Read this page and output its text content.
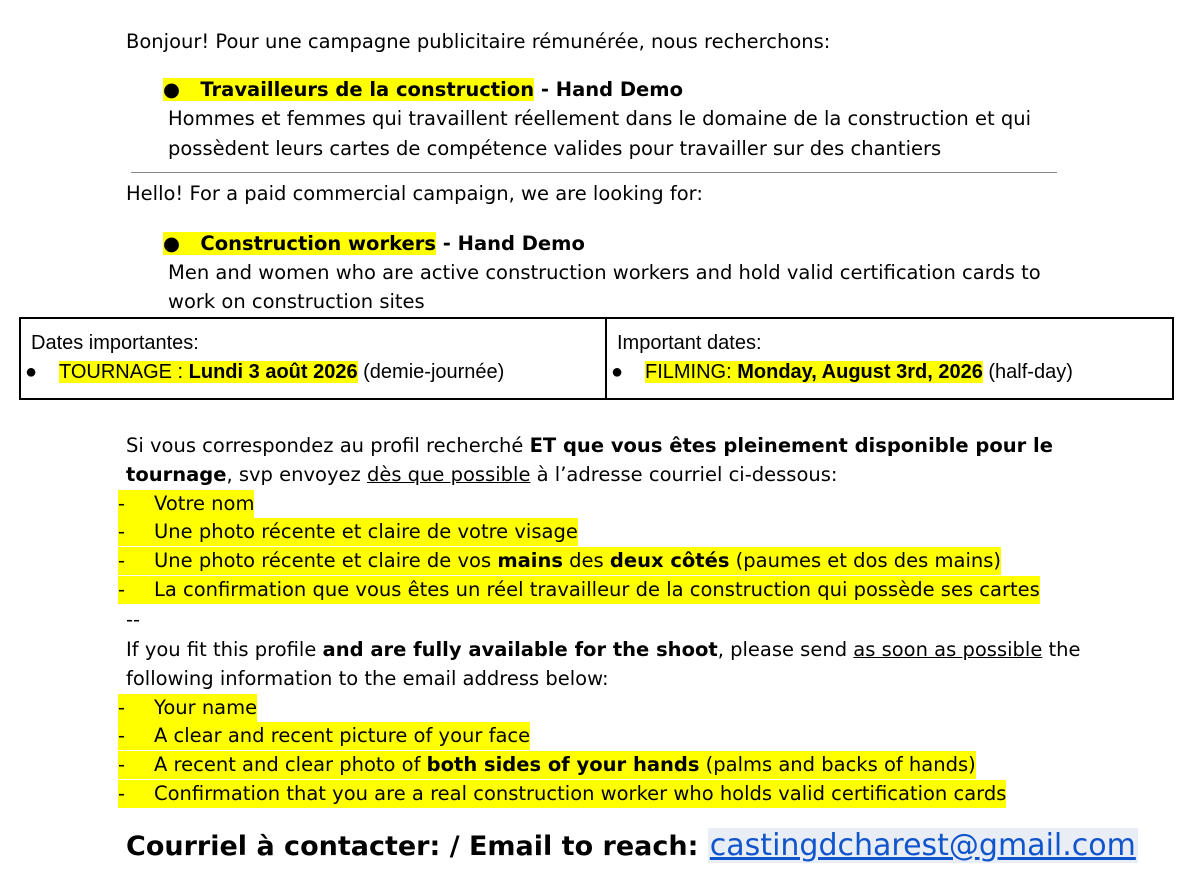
Bonjour! Pour une campagne publicitaire rémunérée, nous recherchons:
● Travailleurs de la construction - Hand Demo
Hommes et femmes qui travaillent réellement dans le domaine de la construction et qui
possèdent leurs cartes de compétence valides pour travailler sur des chantiers
Hello! For a paid commercial campaign, we are looking for:
● Construction workers - Hand Demo
Men and women who are active construction workers and hold valid certification cards to
work on construction sites
Dates importantes:
● TOURNAGE : Lundi 3 août 2026 (demie-journée)

Important dates:
● FILMING: Monday, August 3rd, 2026 (half-day)
Si vous correspondez au profil recherché ET que vous êtes pleinement disponible pour le
tournage, svp envoyez dès que possible à l’adresse courriel ci-dessous:
- Votre nom
- Une photo récente et claire de votre visage
- Une photo récente et claire de vos mains des deux côtés (paumes et dos des mains)
- La confirmation que vous êtes un réel travailleur de la construction qui possède ses cartes
--
If you fit this profile and are fully available for the shoot, please send as soon as possible the
following information to the email address below:
- Your name
- A clear and recent picture of your face
- A recent and clear photo of both sides of your hands (palms and backs of hands)
- Confirmation that you are a real construction worker who holds valid certification cards
Courriel à contacter: / Email to reach: castingdcharest@gmail.com
